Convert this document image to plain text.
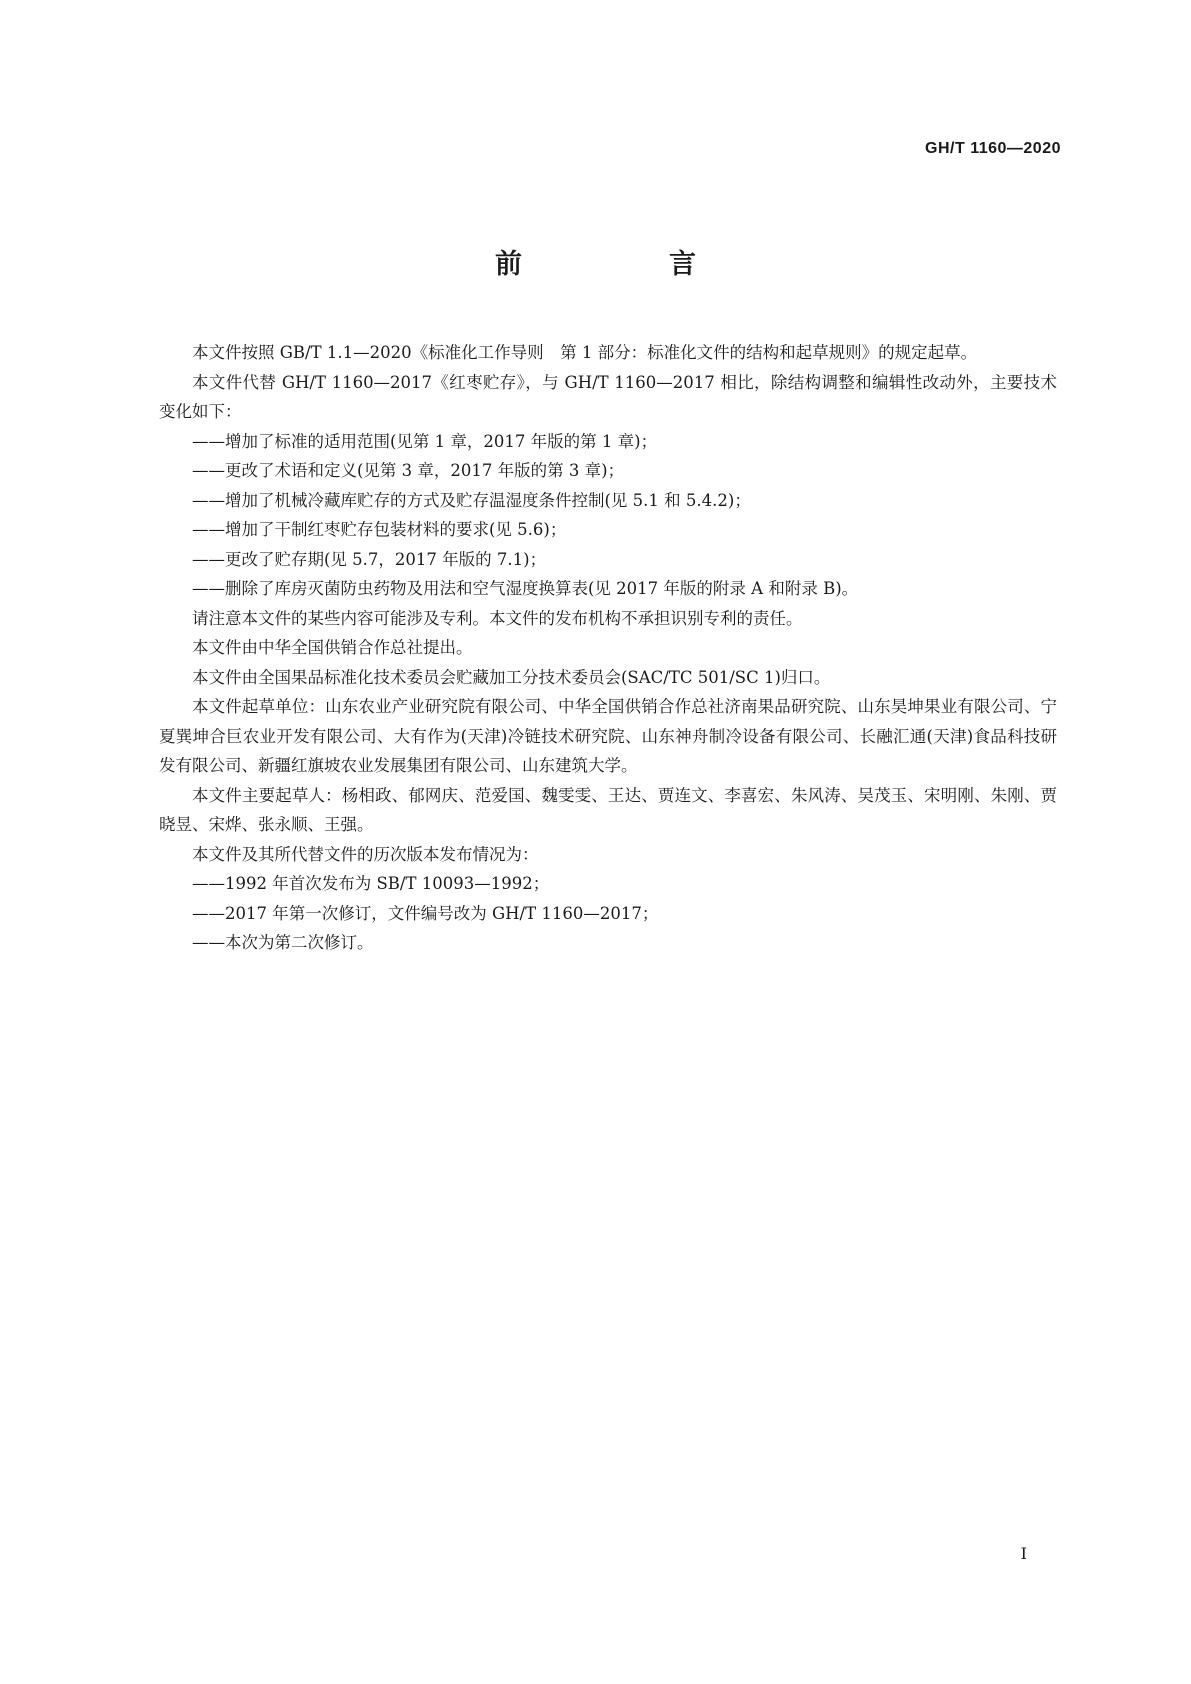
GH/T 1160—2020
前　言

本文件按照 GB/T 1.1—2020《标准化工作导则　第 1 部分：标准化文件的结构和起草规则》的规定起草。

本文件代替 GH/T 1160—2017《红枣贮存》，与 GH/T 1160—2017 相比，除结构调整和编辑性改动外，主要技术变化如下：

——增加了标准的适用范围(见第 1 章，2017 年版的第 1 章)；

——更改了术语和定义(见第 3 章，2017 年版的第 3 章)；

——增加了机械冷藏库贮存的方式及贮存温湿度条件控制(见 5.1 和 5.4.2)；

——增加了干制红枣贮存包装材料的要求(见 5.6)；

——更改了贮存期(见 5.7，2017 年版的 7.1)；

——删除了库房灭菌防虫药物及用法和空气湿度换算表(见 2017 年版的附录 A 和附录 B)。

请注意本文件的某些内容可能涉及专利。本文件的发布机构不承担识别专利的责任。

本文件由中华全国供销合作总社提出。

本文件由全国果品标准化技术委员会贮藏加工分技术委员会(SAC/TC 501/SC 1)归口。

本文件起草单位：山东农业产业研究院有限公司、中华全国供销合作总社济南果品研究院、山东昊坤果业有限公司、宁夏巽坤合巨农业开发有限公司、大有作为(天津)冷链技术研究院、山东神舟制冷设备有限公司、长融汇通(天津)食品科技研发有限公司、新疆红旗坡农业发展集团有限公司、山东建筑大学。

本文件主要起草人：杨相政、郁网庆、范爱国、魏雯雯、王达、贾连文、李喜宏、朱风涛、吴茂玉、宋明刚、朱刚、贾晓昱、宋烨、张永顺、王强。

本文件及其所代替文件的历次版本发布情况为：

——1992 年首次发布为 SB/T 10093—1992；

——2017 年第一次修订，文件编号改为 GH/T 1160—2017；

——本次为第二次修订。

I
